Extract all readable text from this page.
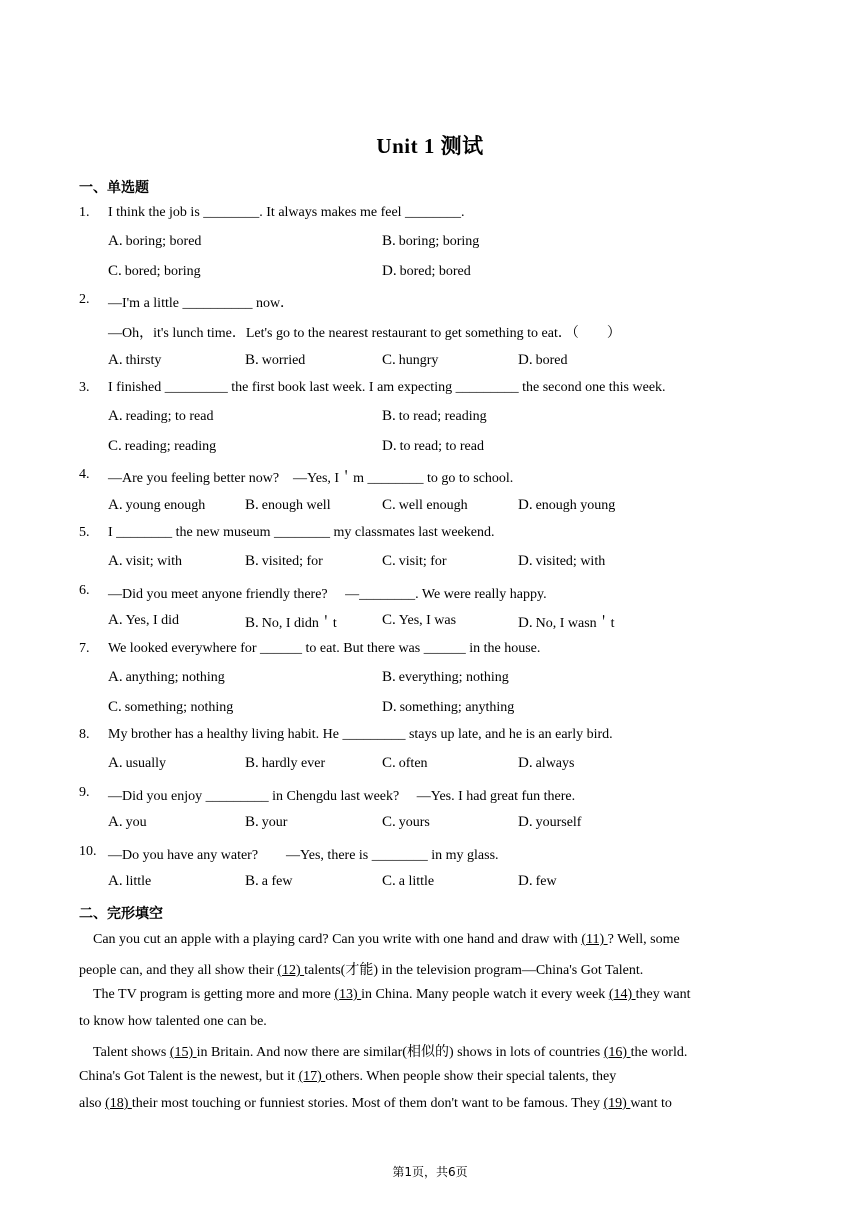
Unit 1 测试
一、单选题
1. I think the job is ________. It always makes me feel ________.
A. boring; bored	B. boring; boring
C. bored; boring	D. bored; bored
2. —I'm a little __________ now．
—Oh，it's lunch time．Let's go to the nearest restaurant to get something to eat．（　　）
A. thirsty	B. worried	C. hungry	D. bored
3. I finished _________ the first book last week. I am expecting _________ the second one this week.
A. reading; to read	B. to read; reading
C. reading; reading	D. to read; to read
4. —Are you feeling better now?　—Yes, I＇m ________ to go to school.
A. young enough	B. enough well	C. well enough	D. enough young
5. I ________ the new museum ________ my classmates last weekend.
A. visit; with	B. visited; for	C. visit; for	D. visited; with
6. —Did you meet anyone friendly there?　 —________. We were really happy.
A. Yes, I did	B. No, I didn＇t	C. Yes, I was	D. No, I wasn＇t
7. We looked everywhere for ______ to eat. But there was ______ in the house.
A. anything; nothing	B. everything; nothing
C. something; nothing	D. something; anything
8. My brother has a healthy living habit. He _________ stays up late, and he is an early bird.
A. usually	B. hardly ever	C. often	D. always
9. —Did you enjoy _________ in Chengdu last week?　 —Yes. I had great fun there.
A. you	B. your	C. yours	D. yourself
10. —Do you have any water?　　—Yes, there is ________ in my glass.
A. little	B. a few	C. a little	D. few
二、完形填空
Can you cut an apple with a playing card? Can you write with one hand and draw with (11) ? Well, some
people can, and they all show their (12) talents(才能) in the television program—China's Got Talent.
The TV program is getting more and more (13) in China. Many people watch it every week (14) they want
to know how talented one can be.
Talent shows (15) in Britain. And now there are similar(相似的) shows in lots of countries (16) the world.
China's Got Talent is the newest, but it (17) others. When people show their special talents, they
also (18) their most touching or funniest stories. Most of them don't want to be famous. They (19) want to
第1页，共6页
